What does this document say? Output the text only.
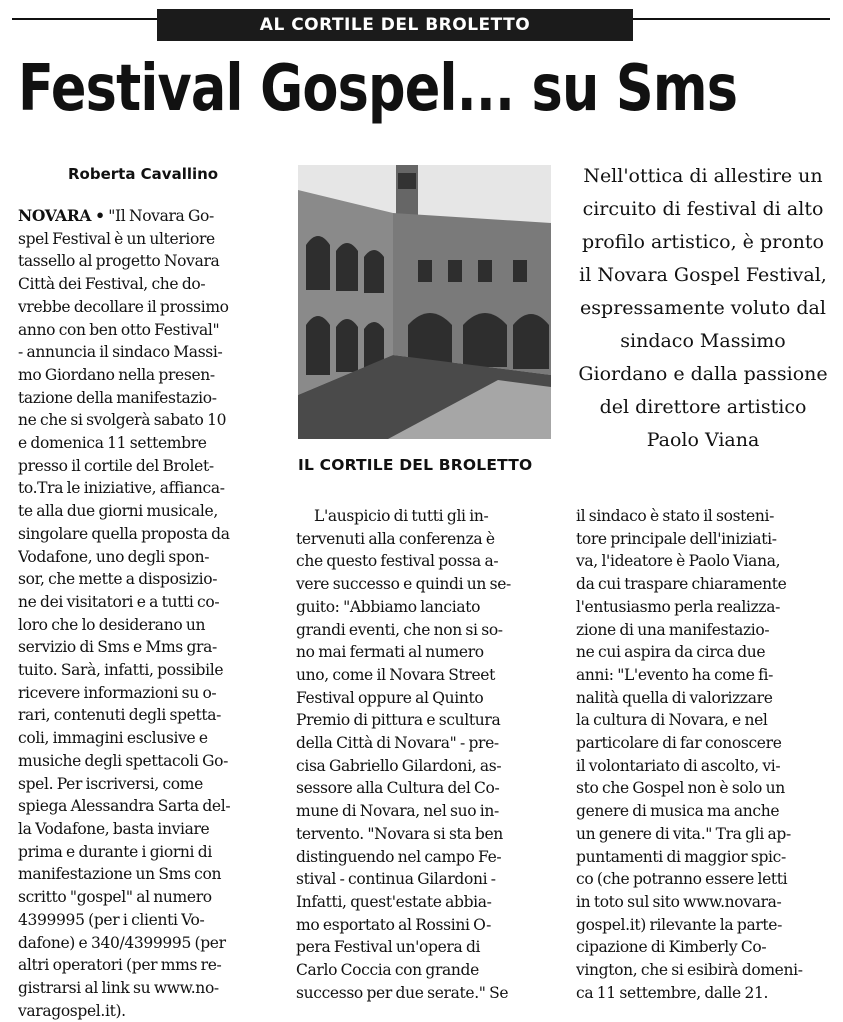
AL CORTILE DEL BROLETTO
Festival Gospel... su Sms
Roberta Cavallino

NOVARA • "Il Novara Go-

spel Festival è un ulteriore

tassello al progetto Novara

Città dei Festival, che do-

vrebbe decollare il prossimo

anno con ben otto Festival"

- annuncia il sindaco Massi-

mo Giordano nella presen-

tazione della manifestazio-

ne che si svolgerà sabato 10

e domenica 11 settembre

presso il cortile del Brolet-

to.Tra le iniziative, affianca-

te alla due giorni musicale,

singolare quella proposta da

Vodafone, uno degli spon-

sor, che mette a disposizio-

ne dei visitatori e a tutti co-

loro che lo desiderano un

servizio di Sms e Mms gra-

tuito. Sarà, infatti, possibile

ricevere informazioni su o-

rari, contenuti degli spetta-

coli, immagini esclusive e

musiche degli spettacoli Go-

spel. Per iscriversi, come

spiega Alessandra Sarta del-

la Vodafone, basta inviare

prima e durante i giorni di

manifestazione un Sms con

scritto "gospel" al numero

4399995 (per i clienti Vo-

dafone) e 340/4399995 (per

altri operatori (per mms re-

gistrarsi al link su www.no-

varagospel.it).

IL CORTILE DEL BROLETTO

Nell'ottica di allestire un

circuito di festival di alto

profilo artistico, è pronto

il Novara Gospel Festival,

espressamente voluto dal

sindaco Massimo

Giordano e dalla passione

del direttore artistico

Paolo Viana

L'auspicio di tutti gli in-

tervenuti alla conferenza è

che questo festival possa a-

vere successo e quindi un se-

guito: "Abbiamo lanciato

grandi eventi, che non si so-

no mai fermati al numero

uno, come il Novara Street

Festival oppure al Quinto

Premio di pittura e scultura

della Città di Novara" - pre-

cisa Gabriello Gilardoni, as-

sessore alla Cultura del Co-

mune di Novara, nel suo in-

tervento. "Novara si sta ben

distinguendo nel campo Fe-

stival - continua Gilardoni -

Infatti, quest'estate abbia-

mo esportato al Rossini O-

pera Festival un'opera di

Carlo Coccia con grande

successo per due serate." Se

il sindaco è stato il sosteni-

tore principale dell'iniziati-

va, l'ideatore è Paolo Viana,

da cui traspare chiaramente

l'entusiasmo perla realizza-

zione di una manifestazio-

ne cui aspira da circa due

anni: "L'evento ha come fi-

nalità quella di valorizzare

la cultura di Novara, e nel

particolare di far conoscere

il volontariato di ascolto, vi-

sto che Gospel non è solo un

genere di musica ma anche

un genere di vita." Tra gli ap-

puntamenti di maggior spic-

co (che potranno essere letti

in toto sul sito www.novara-

gospel.it) rilevante la parte-

cipazione di Kimberly Co-

vington, che si esibirà domeni-

ca 11 settembre, dalle 21.
